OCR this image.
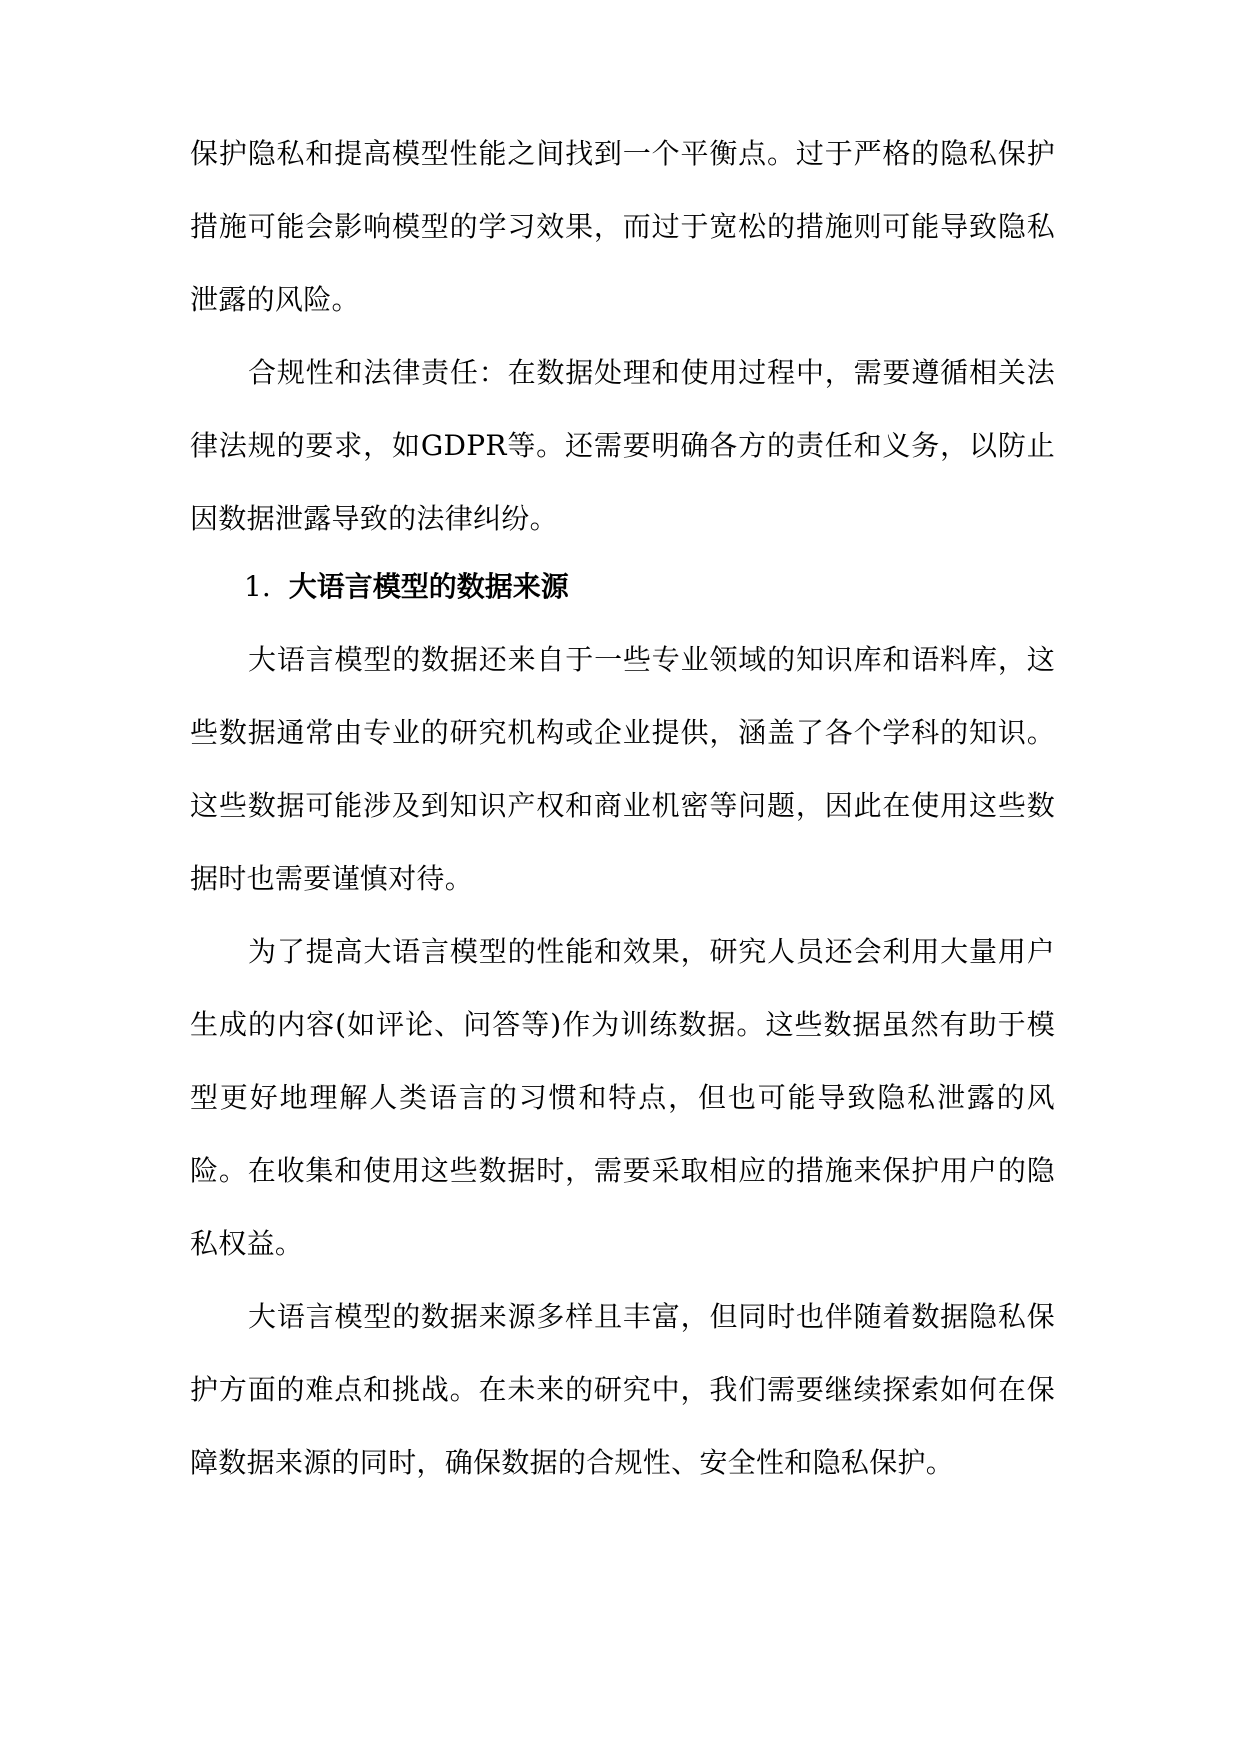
保护隐私和提高模型性能之间找到一个平衡点。过于严格的隐私保护措施可能会影响模型的学习效果，而过于宽松的措施则可能导致隐私泄露的风险。

合规性和法律责任：在数据处理和使用过程中，需要遵循相关法律法规的要求，如GDPR等。还需要明确各方的责任和义务，以防止因数据泄露导致的法律纠纷。

1. 大语言模型的数据来源

大语言模型的数据还来自于一些专业领域的知识库和语料库，这些数据通常由专业的研究机构或企业提供，涵盖了各个学科的知识。这些数据可能涉及到知识产权和商业机密等问题，因此在使用这些数据时也需要谨慎对待。

为了提高大语言模型的性能和效果，研究人员还会利用大量用户生成的内容(如评论、问答等)作为训练数据。这些数据虽然有助于模型更好地理解人类语言的习惯和特点，但也可能导致隐私泄露的风险。在收集和使用这些数据时，需要采取相应的措施来保护用户的隐私权益。

大语言模型的数据来源多样且丰富，但同时也伴随着数据隐私保护方面的难点和挑战。在未来的研究中，我们需要继续探索如何在保障数据来源的同时，确保数据的合规性、安全性和隐私保护。
